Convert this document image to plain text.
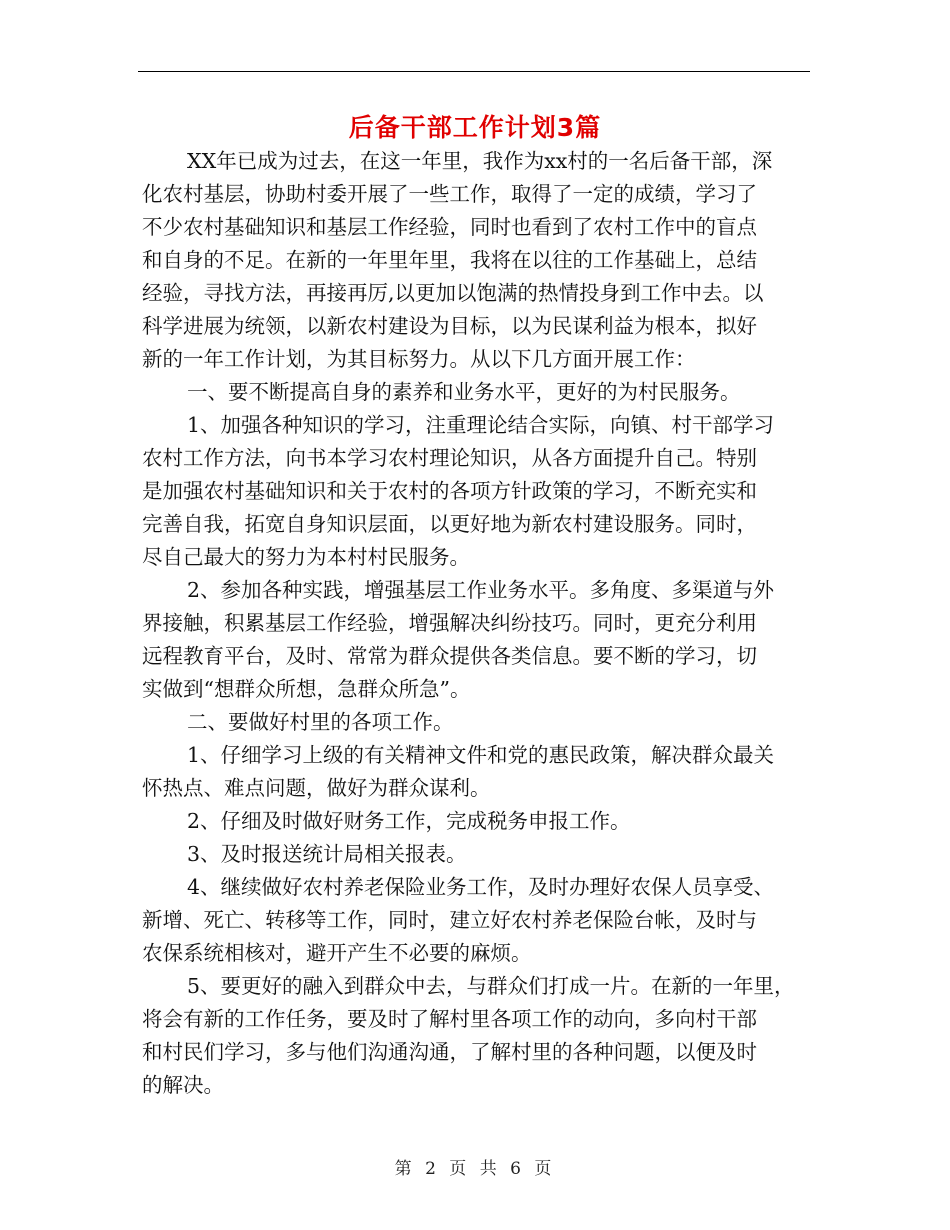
后备干部工作计划3篇
XX年已成为过去，在这一年里，我作为xx村的一名后备干部，深
化农村基层，协助村委开展了一些工作，取得了一定的成绩，学习了
不少农村基础知识和基层工作经验，同时也看到了农村工作中的盲点
和自身的不足。在新的一年里年里，我将在以往的工作基础上，总结
经验，寻找方法，再接再厉,以更加以饱满的热情投身到工作中去。以
科学进展为统领，以新农村建设为目标，以为民谋利益为根本，拟好
新的一年工作计划，为其目标努力。从以下几方面开展工作：
一、要不断提高自身的素养和业务水平，更好的为村民服务。
1、加强各种知识的学习，注重理论结合实际，向镇、村干部学习
农村工作方法，向书本学习农村理论知识，从各方面提升自己。特别
是加强农村基础知识和关于农村的各项方针政策的学习，不断充实和
完善自我，拓宽自身知识层面，以更好地为新农村建设服务。同时，
尽自己最大的努力为本村村民服务。
2、参加各种实践，增强基层工作业务水平。多角度、多渠道与外
界接触，积累基层工作经验，增强解决纠纷技巧。同时，更充分利用
远程教育平台，及时、常常为群众提供各类信息。要不断的学习，切
实做到“想群众所想，急群众所急”。
二、要做好村里的各项工作。
1、仔细学习上级的有关精神文件和党的惠民政策，解决群众最关
怀热点、难点问题，做好为群众谋利。
2、仔细及时做好财务工作，完成税务申报工作。
3、及时报送统计局相关报表。
4、继续做好农村养老保险业务工作，及时办理好农保人员享受、
新增、死亡、转移等工作，同时，建立好农村养老保险台帐，及时与
农保系统相核对，避开产生不必要的麻烦。
5、要更好的融入到群众中去，与群众们打成一片。在新的一年里，
将会有新的工作任务，要及时了解村里各项工作的动向，多向村干部
和村民们学习，多与他们沟通沟通，了解村里的各种问题，以便及时
的解决。
第 2 页 共 6 页
